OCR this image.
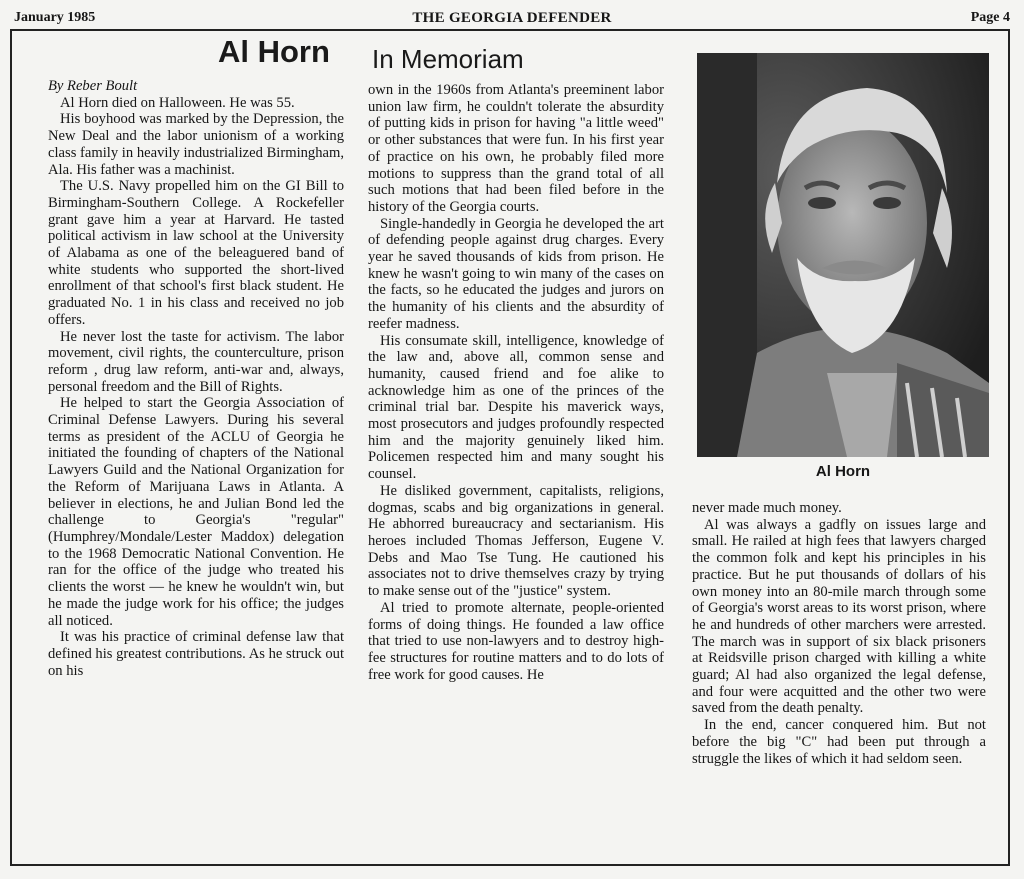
January 1985	THE GEORGIA DEFENDER	Page 4
Al Horn In Memoriam

By Reber Boult

Al Horn died on Halloween. He was 55.

His boyhood was marked by the Depression, the New Deal and the labor unionism of a working class family in heavily industrialized Birmingham, Ala. His father was a machinist.

The U.S. Navy propelled him on the GI Bill to Birmingham-Southern College. A Rockefeller grant gave him a year at Harvard. He tasted political activism in law school at the University of Alabama as one of the beleaguered band of white students who supported the short-lived enrollment of that school's first black student. He graduated No. 1 in his class and received no job offers.

He never lost the taste for activism. The labor movement, civil rights, the counterculture, prison reform , drug law reform, anti-war and, always, personal freedom and the Bill of Rights.

He helped to start the Georgia Association of Criminal Defense Lawyers. During his several terms as president of the ACLU of Georgia he initiated the founding of chapters of the National Lawyers Guild and the National Organization for the Reform of Marijuana Laws in Atlanta. A believer in elections, he and Julian Bond led the challenge to Georgia's "regular" (Humphrey/Mondale/Lester Maddox) delegation to the 1968 Democratic National Convention. He ran for the office of the judge who treated his clients the worst — he knew he wouldn't win, but he made the judge work for his office; the judges all noticed.

It was his practice of criminal defense law that defined his greatest contributions. As he struck out on his

own in the 1960s from Atlanta's preeminent labor union law firm, he couldn't tolerate the absurdity of putting kids in prison for having "a little weed" or other substances that were fun. In his first year of practice on his own, he probably filed more motions to suppress than the grand total of all such motions that had been filed before in the history of the Georgia courts.

Single-handedly in Georgia he developed the art of defending people against drug charges. Every year he saved thousands of kids from prison. He knew he wasn't going to win many of the cases on the facts, so he educated the judges and jurors on the humanity of his clients and the absurdity of reefer madness.

His consumate skill, intelligence, knowledge of the law and, above all, common sense and humanity, caused friend and foe alike to acknowledge him as one of the princes of the criminal trial bar. Despite his maverick ways, most prosecutors and judges profoundly respected him and the majority genuinely liked him. Policemen respected him and many sought his counsel.

He disliked government, capitalists, religions, dogmas, scabs and big organizations in general. He abhorred bureaucracy and sectarianism. His heroes included Thomas Jefferson, Eugene V. Debs and Mao Tse Tung. He cautioned his associates not to drive themselves crazy by trying to make sense out of the "justice" system.

Al tried to promote alternate, people-oriented forms of doing things. He founded a law office that tried to use non-lawyers and to destroy high-fee structures for routine matters and to do lots of free work for good causes. He

Al Horn

never made much money.

Al was always a gadfly on issues large and small. He railed at high fees that lawyers charged the common folk and kept his principles in his practice. But he put thousands of dollars of his own money into an 80-mile march through some of Georgia's worst areas to its worst prison, where he and hundreds of other marchers were arrested. The march was in support of six black prisoners at Reidsville prison charged with killing a white guard; Al had also organized the legal defense, and four were acquitted and the other two were saved from the death penalty.

In the end, cancer conquered him. But not before the big "C" had been put through a struggle the likes of which it had seldom seen.
